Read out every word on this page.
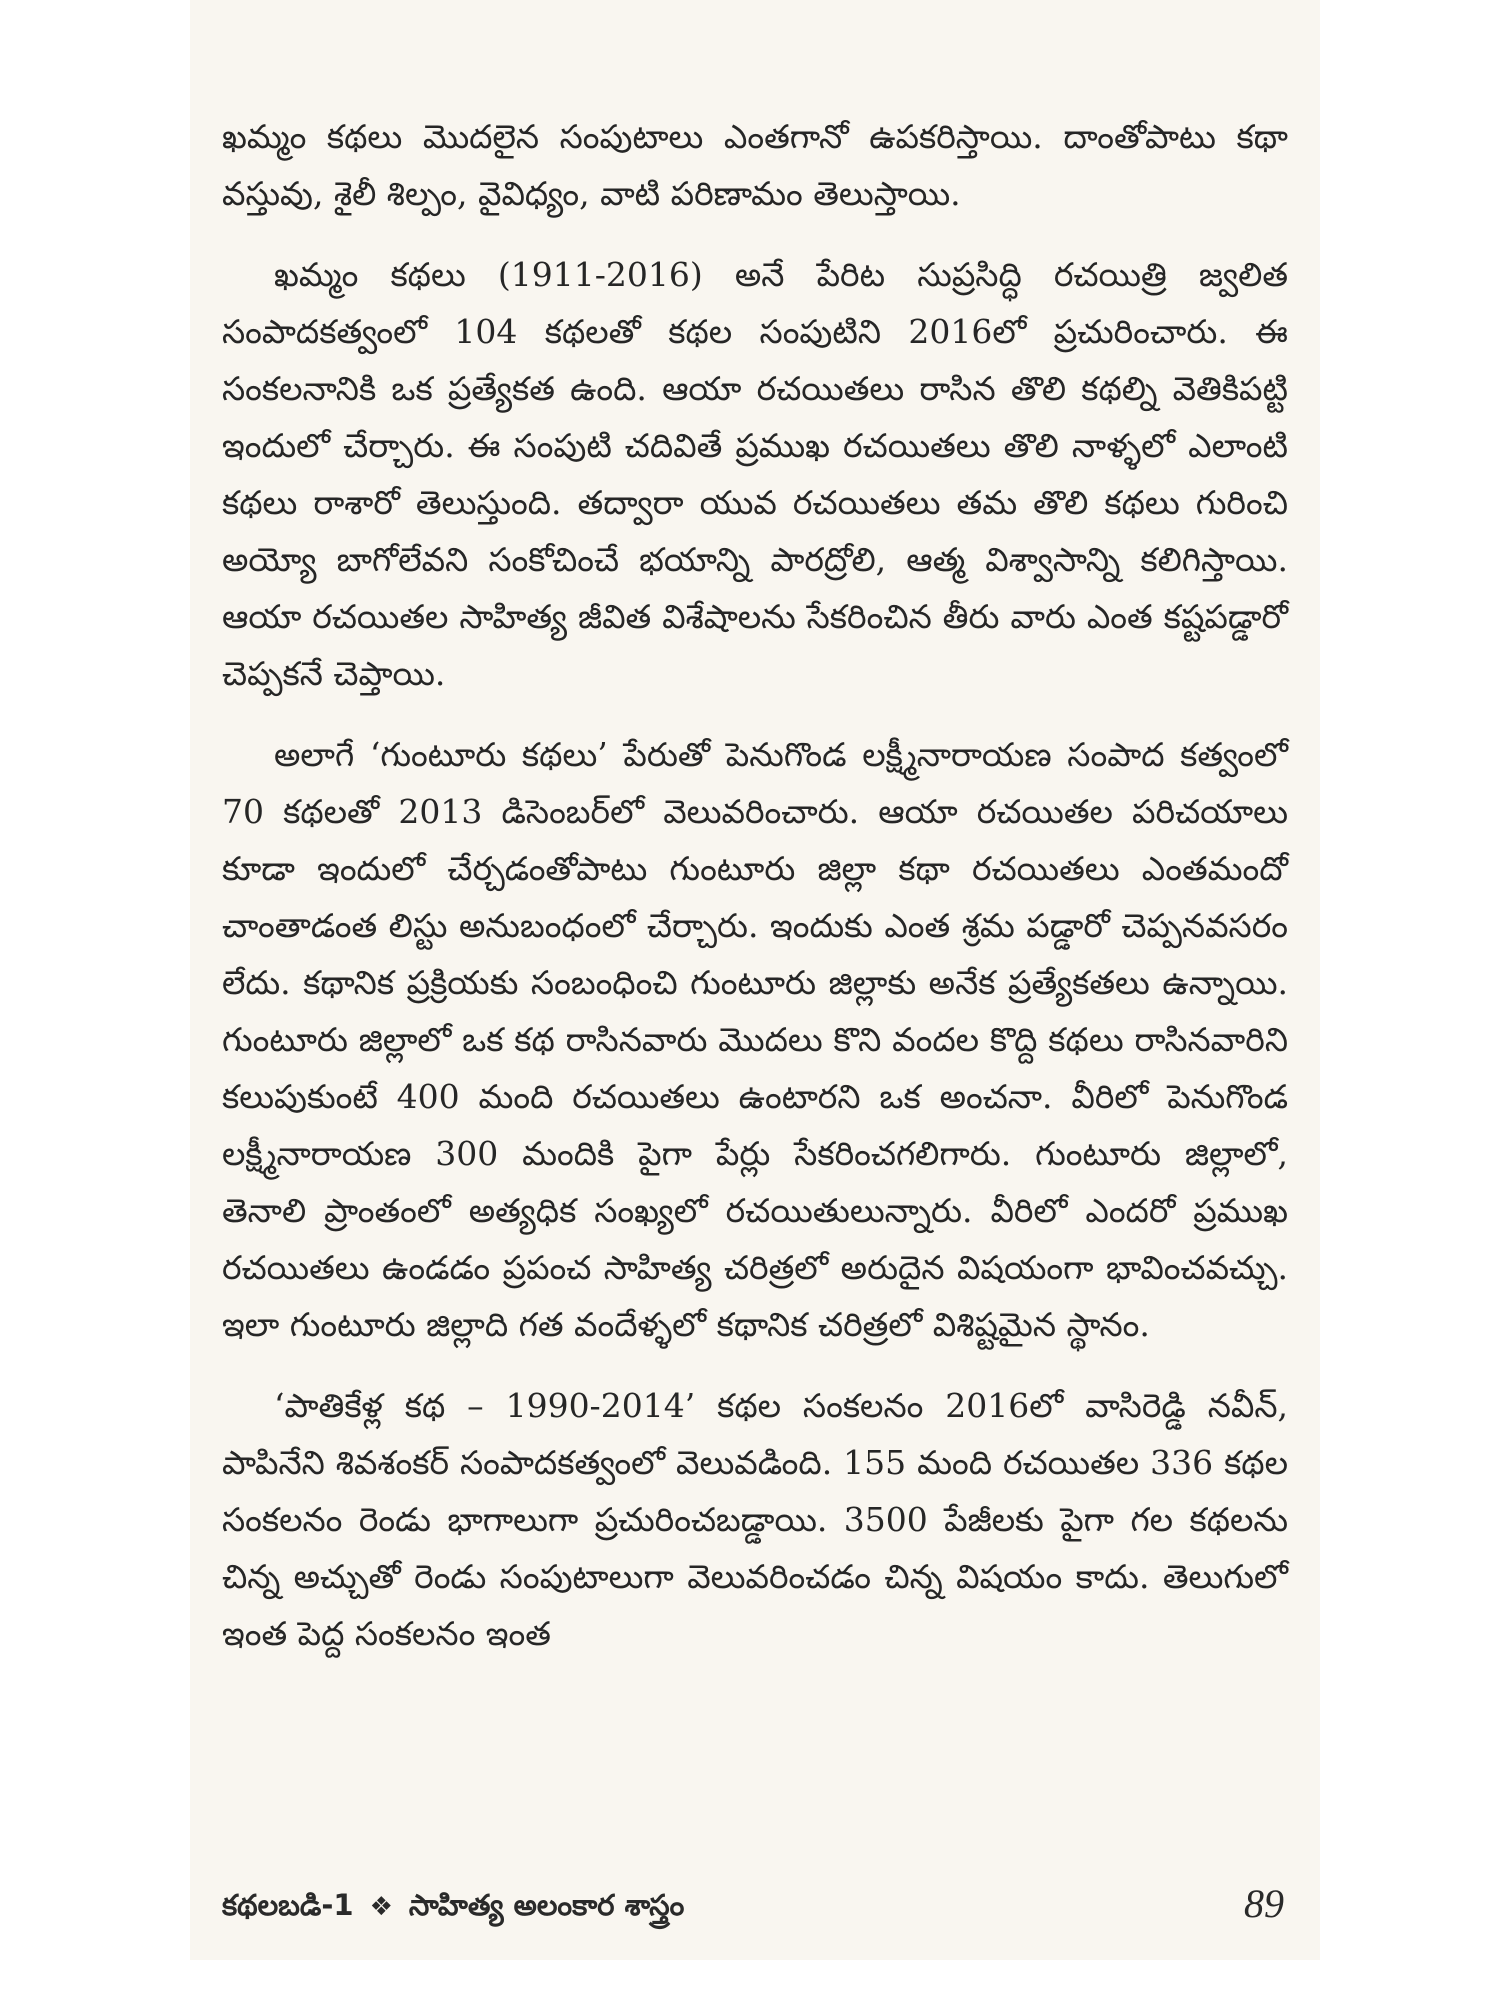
ఖమ్మం కథలు మొదలైన సంపుటాలు ఎంతగానో ఉపకరిస్తాయి. దాంతోపాటు కథా వస్తువు, శైలీ శిల్పం, వైవిధ్యం, వాటి పరిణామం తెలుస్తాయి.

ఖమ్మం కథలు (1911-2016) అనే పేరిట సుప్రసిద్ధి రచయిత్రి జ్వలిత సంపాదకత్వంలో 104 కథలతో కథల సంపుటిని 2016లో ప్రచురించారు. ఈ సంకలనానికి ఒక ప్రత్యేకత ఉంది. ఆయా రచయితలు రాసిన తొలి కథల్ని వెతికిపట్టి ఇందులో చేర్చారు. ఈ సంపుటి చదివితే ప్రముఖ రచయితలు తొలి నాళ్ళలో ఎలాంటి కథలు రాశారో తెలుస్తుంది. తద్వారా యువ రచయితలు తమ తొలి కథలు గురించి అయ్యో బాగోలేవని సంకోచించే భయాన్ని పారద్రోలి, ఆత్మ విశ్వాసాన్ని కలిగిస్తాయి. ఆయా రచయితల సాహిత్య జీవిత విశేషాలను సేకరించిన తీరు వారు ఎంత కష్టపడ్డారో చెప్పకనే చెప్తాయి.

అలాగే ‘గుంటూరు కథలు’ పేరుతో పెనుగొండ లక్ష్మీనారాయణ సంపాద కత్వంలో 70 కథలతో 2013 డిసెంబర్‌లో వెలువరించారు. ఆయా రచయితల పరిచయాలు కూడా ఇందులో చేర్చడంతోపాటు గుంటూరు జిల్లా కథా రచయితలు ఎంతమందో చాంతాడంత లిస్టు అనుబంధంలో చేర్చారు. ఇందుకు ఎంత శ్రమ పడ్డారో చెప్పనవసరం లేదు. కథానిక ప్రక్రియకు సంబంధించి గుంటూరు జిల్లాకు అనేక ప్రత్యేకతలు ఉన్నాయి. గుంటూరు జిల్లాలో ఒక కథ రాసినవారు మొదలు కొని వందల కొద్ది కథలు రాసినవారిని కలుపుకుంటే 400 మంది రచయితలు ఉంటారని ఒక అంచనా. వీరిలో పెనుగొండ లక్ష్మీనారాయణ 300 మందికి పైగా పేర్లు సేకరించగలిగారు. గుంటూరు జిల్లాలో, తెనాలి ప్రాంతంలో అత్యధిక సంఖ్యలో రచయితులున్నారు. వీరిలో ఎందరో ప్రముఖ రచయితలు ఉండడం ప్రపంచ సాహిత్య చరిత్రలో అరుదైన విషయంగా భావించవచ్చు. ఇలా గుంటూరు జిల్లాది గత వందేళ్ళలో కథానిక చరిత్రలో విశిష్టమైన స్థానం.

‘పాతికేళ్ల కథ – 1990-2014’ కథల సంకలనం 2016లో వాసిరెడ్డి నవీన్, పాపినేని శివశంకర్ సంపాదకత్వంలో వెలువడింది. 155 మంది రచయితల 336 కథల సంకలనం రెండు భాగాలుగా ప్రచురించబడ్డాయి. 3500 పేజీలకు పైగా గల కథలను చిన్న అచ్చుతో రెండు సంపుటాలుగా వెలువరించడం చిన్న విషయం కాదు. తెలుగులో ఇంత పెద్ద సంకలనం ఇంత

కథలబడి-1 ❖ సాహిత్య అలంకార శాస్త్రం	89
